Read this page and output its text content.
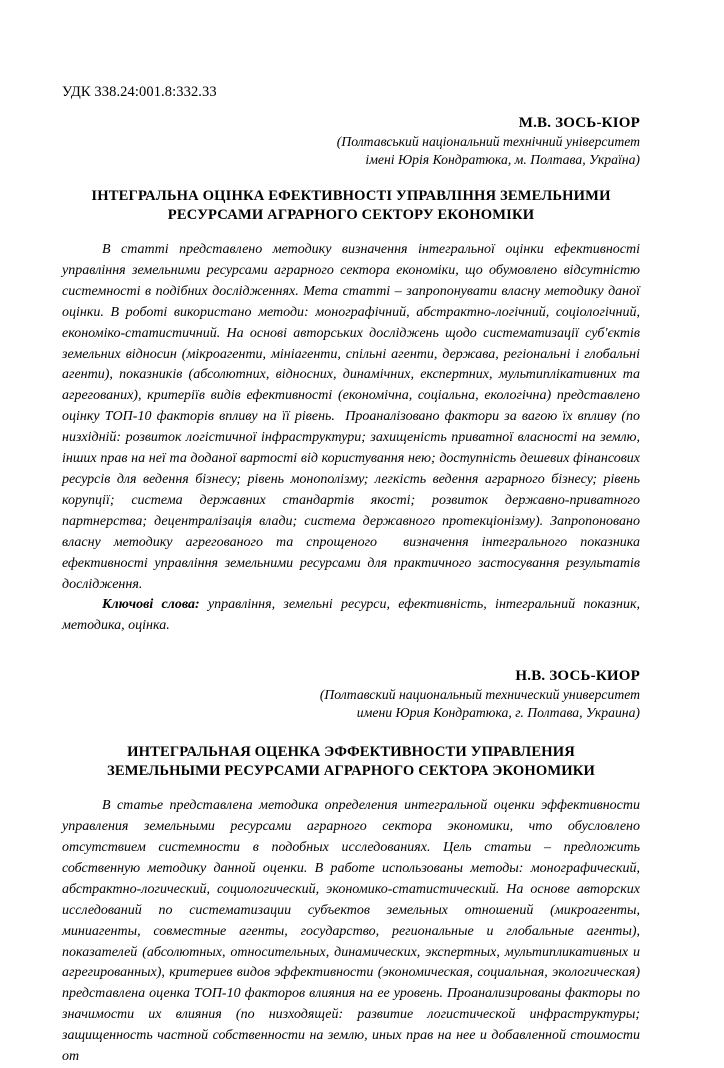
УДК 338.24:001.8:332.33

М.В. ЗОСЬ-КІОР

(Полтавський національний технічний університет

імені Юрія Кондратюка, м. Полтава, Україна)

ІНТЕГРАЛЬНА ОЦІНКА ЕФЕКТИВНОСТІ УПРАВЛІННЯ ЗЕМЕЛЬНИМИ
РЕСУРСАМИ АГРАРНОГО СЕКТОРУ ЕКОНОМІКИ

В статті представлено методику визначення інтегральної оцінки ефективності управління земельними ресурсами аграрного сектора економіки, що обумовлено відсутністю системності в подібних дослідженнях. Мета статті – запропонувати власну методику даної оцінки. В роботі використано методи: монографічний, абстрактно-логічний, соціологічний,  економіко-статистичний. На основі авторських досліджень щодо систематизації суб'єктів земельних відносин (мікроагенти, мініагенти, спільні агенти, держава, регіональні і глобальні агенти), показників (абсолютних, відносних, динамічних, експертних, мультиплікативних та агрегованих), критеріїв видів ефективності (економічна, соціальна, екологічна) представлено оцінку ТОП-10 факторів впливу на її рівень.  Проаналізовано фактори за вагою їх впливу (по низхідній: розвиток логістичної інфраструктури; захищеність приватної власності на землю, інших прав на неї та доданої вартості від користування нею; доступність дешевих фінансових ресурсів для ведення бізнесу; рівень монополізму; легкість ведення аграрного бізнесу; рівень корупції; система державних стандартів якості; розвиток державно-приватного партнерства; децентралізація влади; система державного протекціонізму). Запропоновано власну методику агрегованого та спрощеного  визначення інтегрального показника ефективності управління земельними ресурсами для практичного застосування результатів дослідження.

Ключові слова: управління, земельні ресурси, ефективність, інтегральний показник, методика, оцінка.

Н.В. ЗОСЬ-КИОР

(Полтавский национальный технический университет

имени Юрия Кондратюка, г. Полтава, Украина)

ИНТЕГРАЛЬНАЯ ОЦЕНКА ЭФФЕКТИВНОСТИ УПРАВЛЕНИЯ
ЗЕМЕЛЬНЫМИ РЕСУРСАМИ АГРАРНОГО СЕКТОРА ЭКОНОМИКИ

В статье представлена методика определения интегральной оценки эффективности управления земельными ресурсами аграрного сектора экономики, что обусловлено отсутствием системности в подобных исследованиях. Цель статьи – предложить собственную методику данной оценки. В работе использованы методы: монографический, абстрактно-логический, социологический, экономико-статистический. На основе авторских исследований по систематизации субъектов земельных отношений (микроагенты, миниагенты, совместные агенты, государство, региональные и глобальные агенты), показателей (абсолютных, относительных, динамических, экспертных, мультипликативных и агрегированных), критериев видов эффективности (экономическая, социальная, экологическая) представлена оценка ТОП-10 факторов влияния на ее уровень. Проанализированы факторы по значимости их влияния (по низходящей: развитие логистической инфраструктуры; защищенность частной собственности на землю, иных прав на нее и добавленной стоимости от
